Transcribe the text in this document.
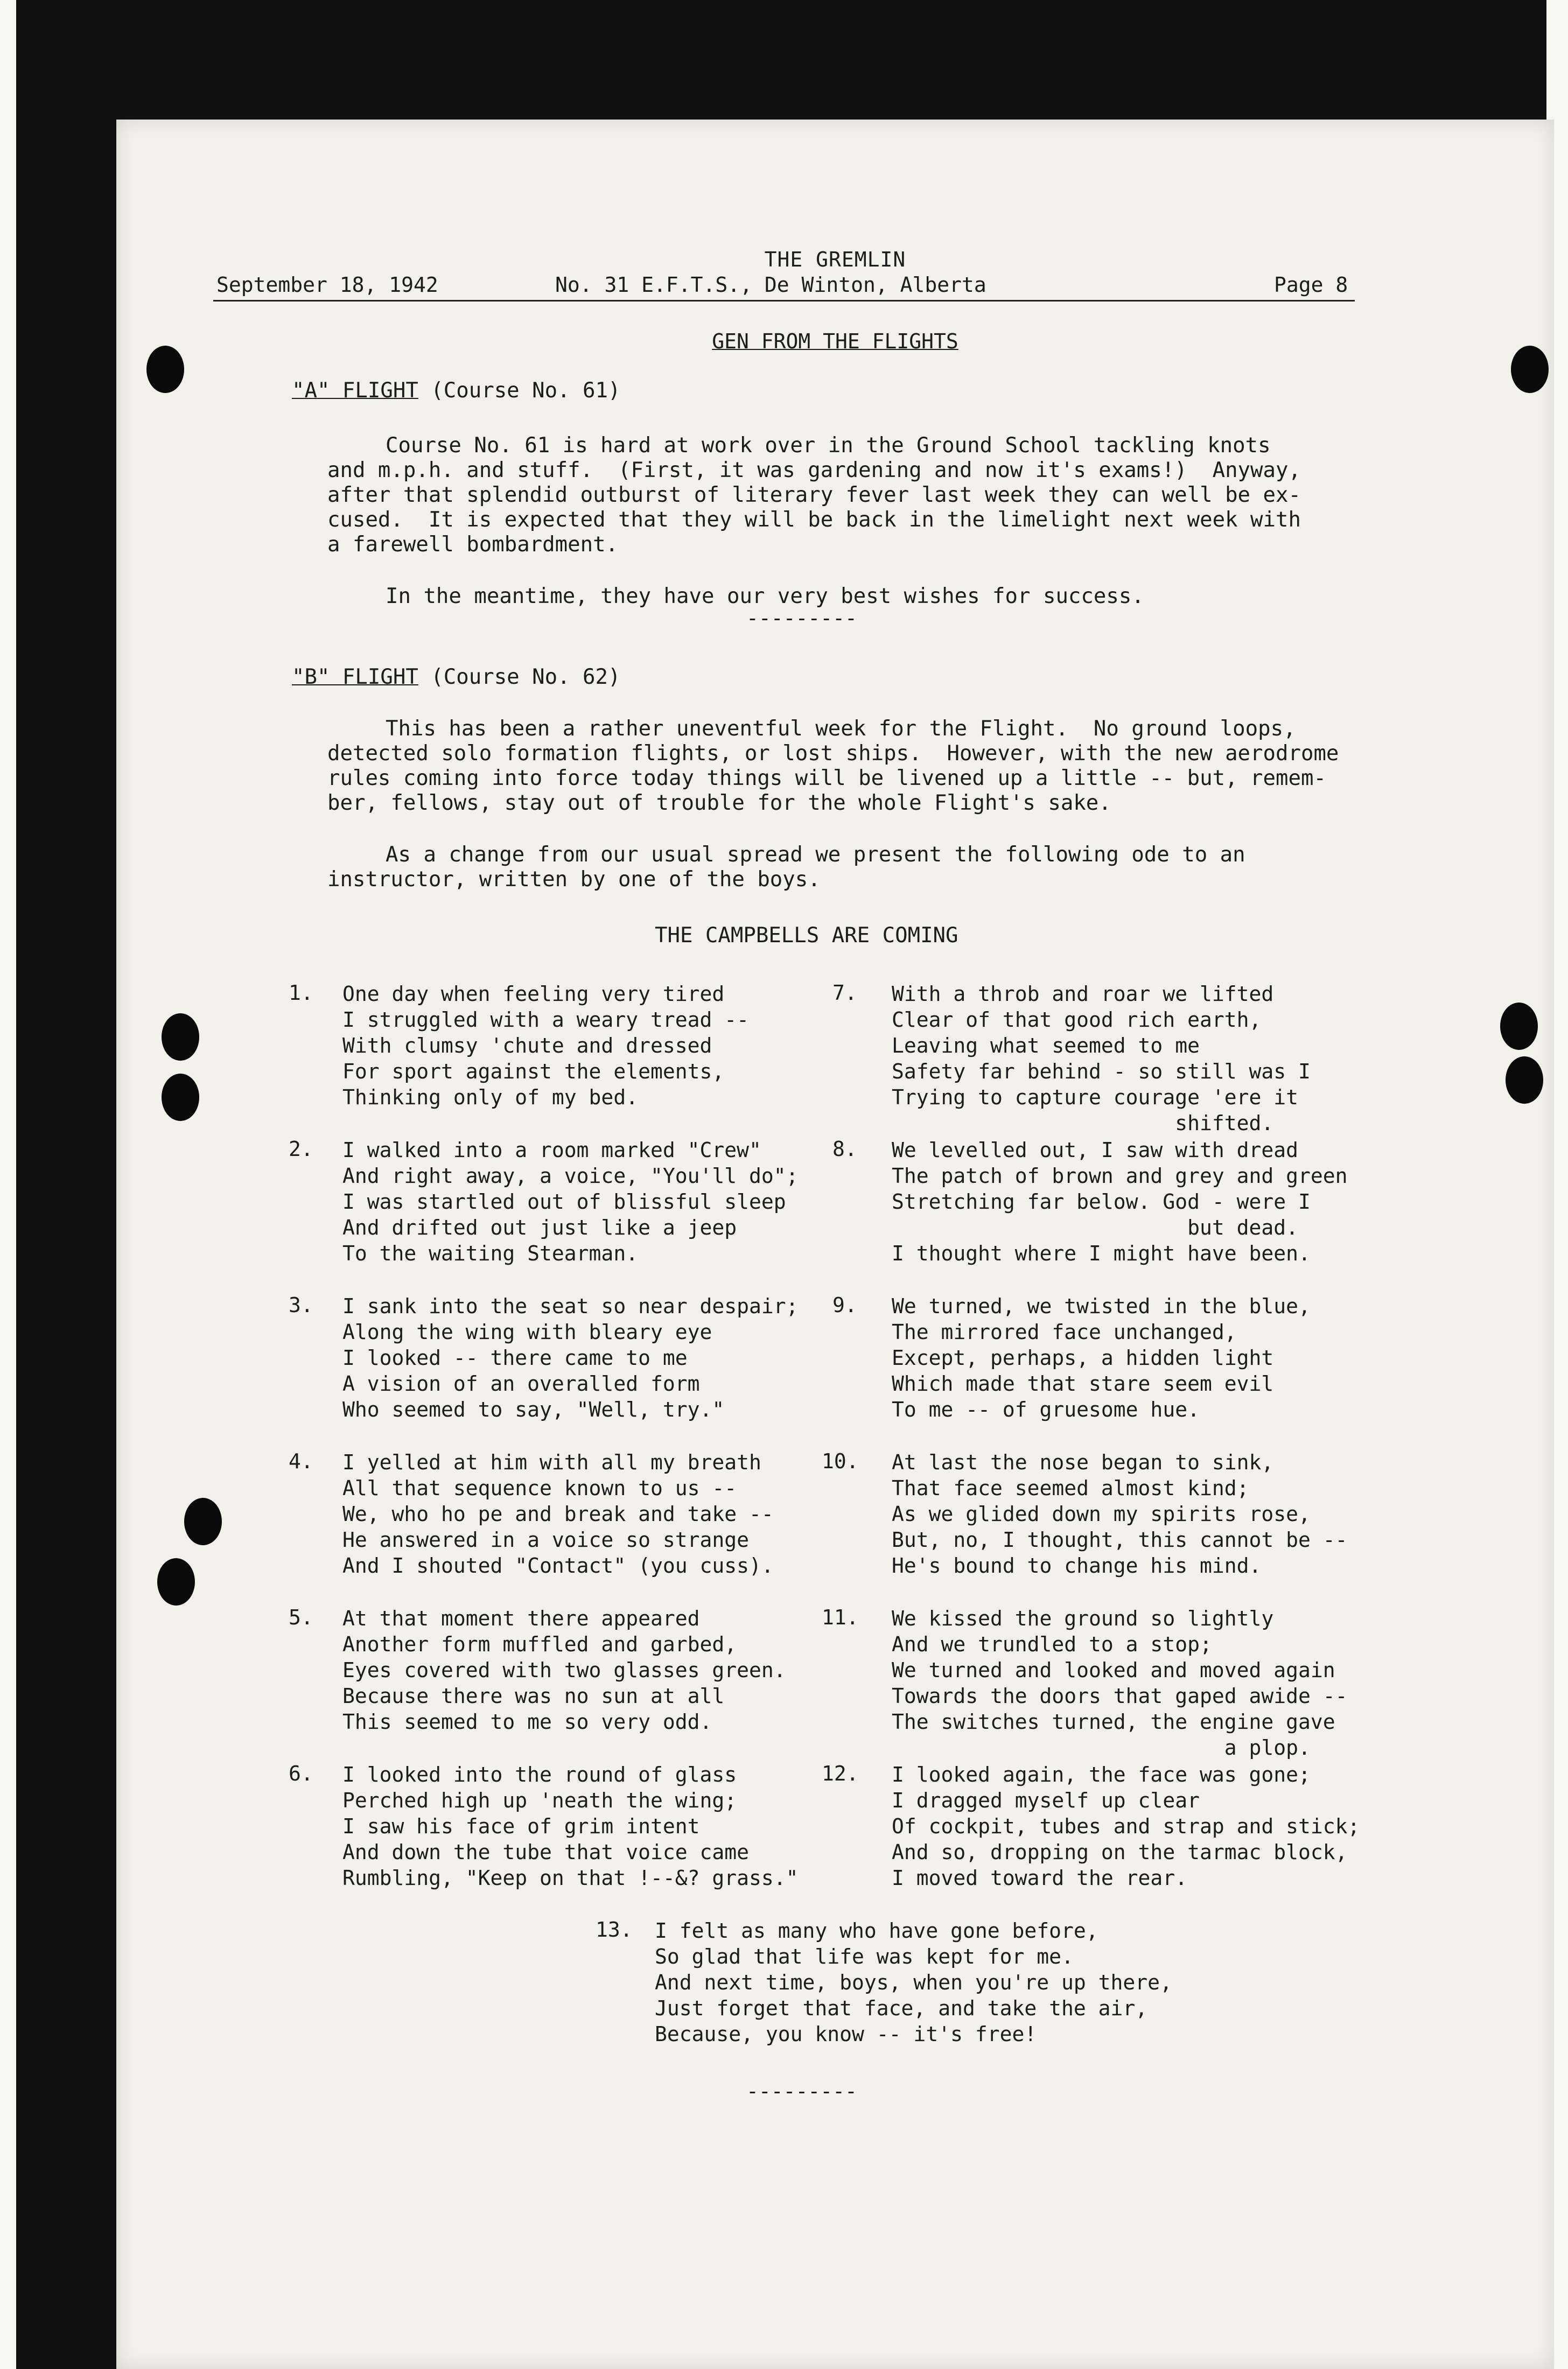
THE GREMLIN
September 18, 1942	No. 31 E.F.T.S., De Winton, Alberta	Page 8
GEN FROM THE FLIGHTS
"A" FLIGHT (Course No. 61)
Course No. 61 is hard at work over in the Ground School tackling knots
and m.p.h. and stuff.  (First, it was gardening and now it's exams!)  Anyway,
after that splendid outburst of literary fever last week they can well be ex-
cused.  It is expected that they will be back in the limelight next week with
a farewell bombardment.
In the meantime, they have our very best wishes for success.
---------
"B" FLIGHT (Course No. 62)
This has been a rather uneventful week for the Flight.  No ground loops,
detected solo formation flights, or lost ships.  However, with the new aerodrome
rules coming into force today things will be livened up a little -- but, remem-
ber, fellows, stay out of trouble for the whole Flight's sake.
As a change from our usual spread we present the following ode to an
instructor, written by one of the boys.
THE CAMPBELLS ARE COMING
1. One day when feeling very tired
I struggled with a weary tread --
With clumsy 'chute and dressed
For sport against the elements,
Thinking only of my bed.
2. I walked into a room marked "Crew"
And right away, a voice, "You'll do";
I was startled out of blissful sleep
And drifted out just like a jeep
To the waiting Stearman.
3. I sank into the seat so near despair;
Along the wing with bleary eye
I looked -- there came to me
A vision of an overalled form
Who seemed to say, "Well, try."
4. I yelled at him with all my breath
All that sequence known to us --
We, who ho pe and break and take --
He answered in a voice so strange
And I shouted "Contact" (you cuss).
5. At that moment there appeared
Another form muffled and garbed,
Eyes covered with two glasses green.
Because there was no sun at all
This seemed to me so very odd.
6. I looked into the round of glass
Perched high up 'neath the wing;
I saw his face of grim intent
And down the tube that voice came
Rumbling, "Keep on that !--&? grass."
7. With a throb and roar we lifted
Clear of that good rich earth,
Leaving what seemed to me
Safety far behind - so still was I
Trying to capture courage 'ere it
shifted.
8. We levelled out, I saw with dread
The patch of brown and grey and green
Stretching far below. God - were I
but dead.
I thought where I might have been.
9. We turned, we twisted in the blue,
The mirrored face unchanged,
Except, perhaps, a hidden light
Which made that stare seem evil
To me -- of gruesome hue.
10. At last the nose began to sink,
That face seemed almost kind;
As we glided down my spirits rose,
But, no, I thought, this cannot be --
He's bound to change his mind.
11. We kissed the ground so lightly
And we trundled to a stop;
We turned and looked and moved again
Towards the doors that gaped awide --
The switches turned, the engine gave
a plop.
12. I looked again, the face was gone;
I dragged myself up clear
Of cockpit, tubes and strap and stick;
And so, dropping on the tarmac block,
I moved toward the rear.
13. I felt as many who have gone before,
So glad that life was kept for me.
And next time, boys, when you're up there,
Just forget that face, and take the air,
Because, you know -- it's free!
---------
